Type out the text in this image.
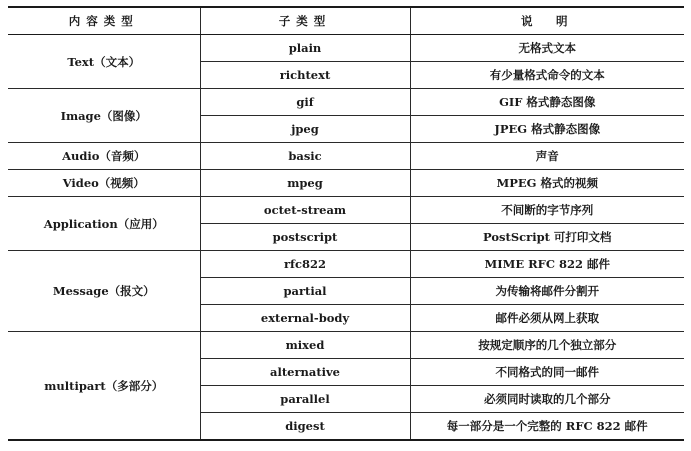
内容类型	子类型	说　明
Text（文本）	plain	无格式文本
	richtext	有少量格式命令的文本
Image（图像）	gif	GIF 格式静态图像
	jpeg	JPEG 格式静态图像
Audio（音频）	basic	声音
Video（视频）	mpeg	MPEG 格式的视频
Application（应用）	octet-stream	不间断的字节序列
	postscript	PostScript 可打印文档
Message（报文）	rfc822	MIME RFC 822 邮件
	partial	为传输将邮件分割开
	external-body	邮件必须从网上获取
multipart（多部分）	mixed	按规定顺序的几个独立部分
	alternative	不同格式的同一邮件
	parallel	必须同时读取的几个部分
	digest	每一部分是一个完整的 RFC 822 邮件
